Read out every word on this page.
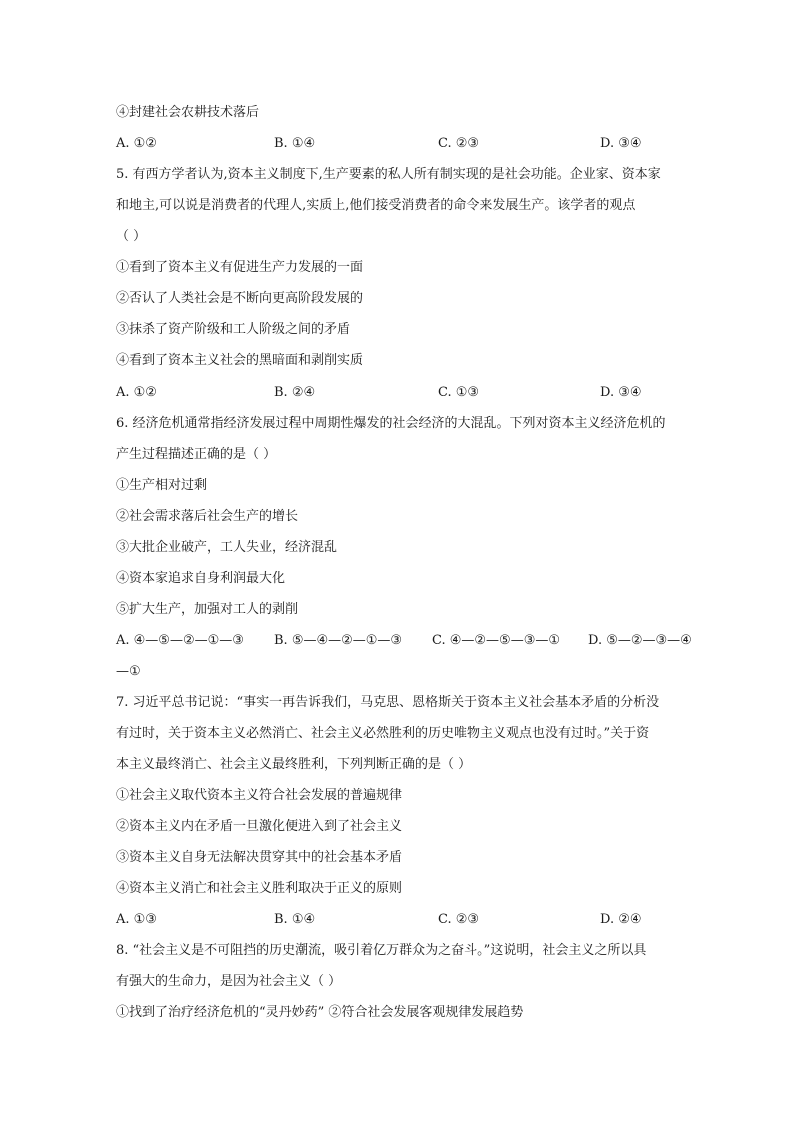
④封建社会农耕技术落后
A. ①②	B. ①④	C. ②③	D. ③④
5. 有西方学者认为,资本主义制度下,生产要素的私人所有制实现的是社会功能。企业家、资本家
和地主,可以说是消费者的代理人,实质上,他们接受消费者的命令来发展生产。该学者的观点
（ ）
①看到了资本主义有促进生产力发展的一面
②否认了人类社会是不断向更高阶段发展的
③抹杀了资产阶级和工人阶级之间的矛盾
④看到了资本主义社会的黑暗面和剥削实质
A. ①②	B. ②④	C. ①③	D. ③④
6. 经济危机通常指经济发展过程中周期性爆发的社会经济的大混乱。下列对资本主义经济危机的
产生过程描述正确的是（ ）
①生产相对过剩
②社会需求落后社会生产的增长
③大批企业破产，工人失业，经济混乱
④资本家追求自身利润最大化
⑤扩大生产，加强对工人的剥削
A. ④—⑤—②—①—③ B. ⑤—④—②—①—③ C. ④—②—⑤—③—① D. ⑤—②—③—④
—①
7. 习近平总书记说：“事实一再告诉我们，马克思、恩格斯关于资本主义社会基本矛盾的分析没
有过时，关于资本主义必然消亡、社会主义必然胜利的历史唯物主义观点也没有过时。”关于资
本主义最终消亡、社会主义最终胜利，下列判断正确的是（ ）
①社会主义取代资本主义符合社会发展的普遍规律
②资本主义内在矛盾一旦激化便进入到了社会主义
③资本主义自身无法解决贯穿其中的社会基本矛盾
④资本主义消亡和社会主义胜利取决于正义的原则
A. ①③	B. ①④	C. ②③	D. ②④
8. “社会主义是不可阻挡的历史潮流，吸引着亿万群众为之奋斗。”这说明，社会主义之所以具
有强大的生命力，是因为社会主义（ ）
①找到了治疗经济危机的“灵丹妙药” ②符合社会发展客观规律发展趋势
